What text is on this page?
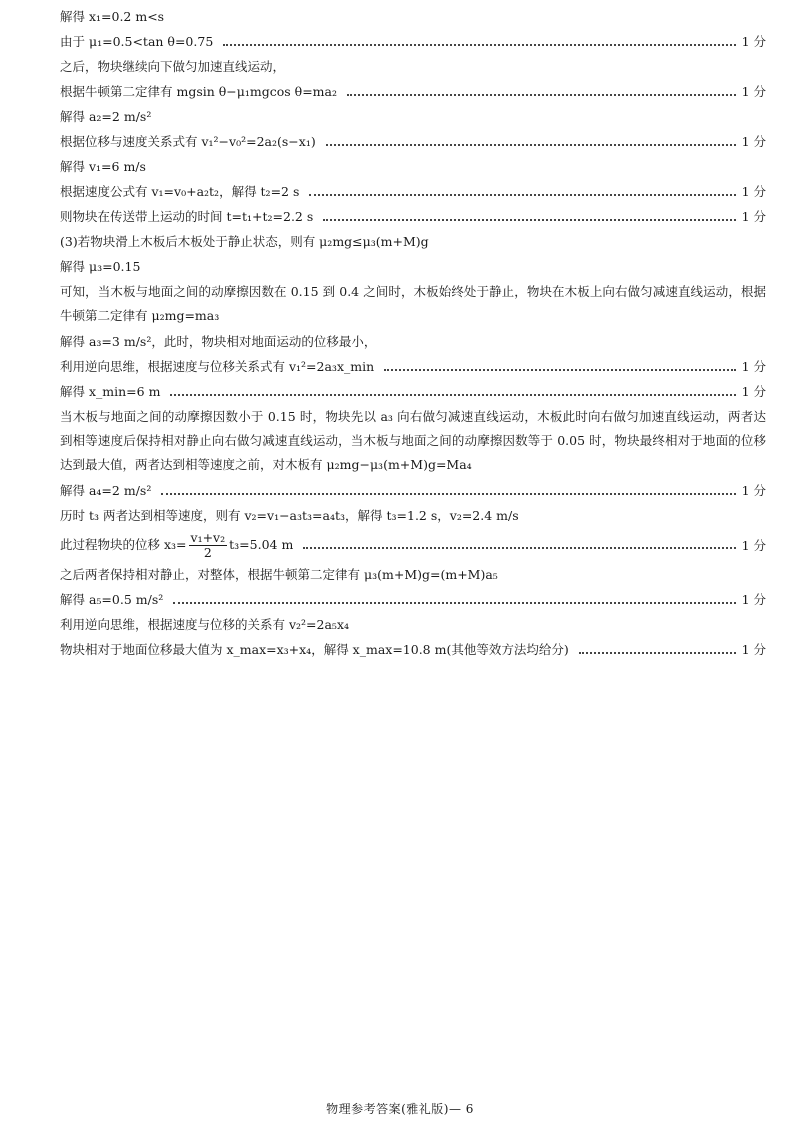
解得 x₁=0.2 m<s
由于 μ₁=0.5<tan θ=0.75	1 分
之后，物块继续向下做匀加速直线运动，
根据牛顿第二定律有 mgsin θ−μ₁mgcos θ=ma₂	1 分
解得 a₂=2 m/s²
根据位移与速度关系式有 v₁²−v₀²=2a₂(s−x₁)	1 分
解得 v₁=6 m/s
根据速度公式有 v₁=v₀+a₂t₂，解得 t₂=2 s	1 分
则物块在传送带上运动的时间 t=t₁+t₂=2.2 s	1 分
(3)若物块滑上木板后木板处于静止状态，则有 μ₂mg≤μ₃(m+M)g
解得 μ₃=0.15
可知，当木板与地面之间的动摩擦因数在 0.15 到 0.4 之间时，木板始终处于静止，物块在木板上向右做匀减速直线运动，根据牛顿第二定律有 μ₂mg=ma₃
解得 a₃=3 m/s²，此时，物块相对地面运动的位移最小，
利用逆向思维，根据速度与位移关系式有 v₁²=2a₃x_min	1 分
解得 x_min=6 m	1 分
当木板与地面之间的动摩擦因数小于 0.15 时，物块先以 a₃ 向右做匀减速直线运动，木板此时向右做匀加速直线运动，两者达到相等速度后保持相对静止向右做匀减速直线运动，当木板与地面之间的动摩擦因数等于 0.05 时，物块最终相对于地面的位移达到最大值，两者达到相等速度之前，对木板有 μ₂mg−μ₃(m+M)g=Ma₄
解得 a₄=2 m/s²	1 分
历时 t₃ 两者达到相等速度，则有 v₂=v₁−a₃t₃=a₄t₃，解得 t₃=1.2 s，v₂=2.4 m/s
此过程物块的位移 $x_3= \frac{\text{v₁+v₂}}{2} t_3=5.04$ m	1 分
之后两者保持相对静止，对整体，根据牛顿第二定律有 μ₃(m+M)g=(m+M)a₅
解得 a₅=0.5 m/s²	1 分
利用逆向思维，根据速度与位移的关系有 v₂²=2a₅x₄
物块相对于地面位移最大值为 x_max=x₃+x₄，解得 x_max=10.8 m(其他等效方法均给分)	1 分
物理参考答案(雅礼版)— 6
